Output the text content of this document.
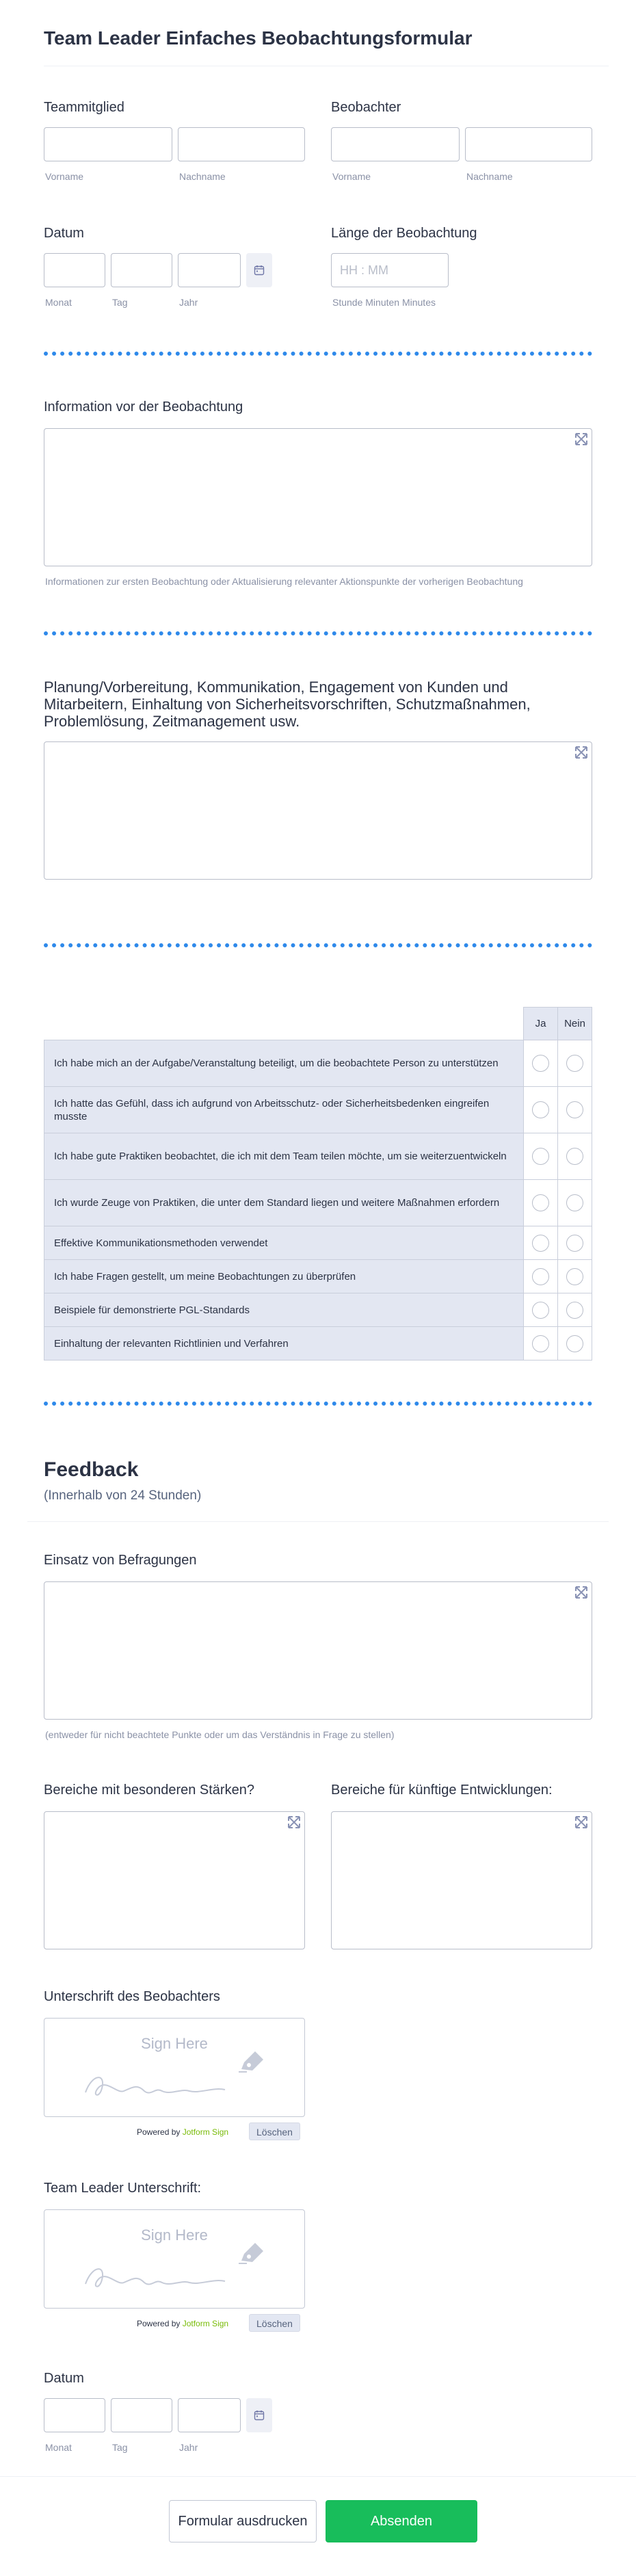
Team Leader Einfaches Beobachtungsformular
Teammitglied
Vorname	Nachname
Beobachter
Vorname	Nachname
Datum
Monat	Tag	Jahr
Länge der Beobachtung
HH : MM
Stunde Minuten Minutes
Information vor der Beobachtung
Informationen zur ersten Beobachtung oder Aktualisierung relevanter Aktionspunkte der vorherigen Beobachtung
Planung/Vorbereitung, Kommunikation, Engagement von Kunden und Mitarbeitern, Einhaltung von Sicherheitsvorschriften, Schutzmaßnahmen, Problemlösung, Zeitmanagement usw.
	Ja	Nein
Ich habe mich an der Aufgabe/Veranstaltung beteiligt, um die beobachtete Person zu unterstützen		
Ich hatte das Gefühl, dass ich aufgrund von Arbeitsschutz- oder Sicherheitsbedenken eingreifen musste		
Ich habe gute Praktiken beobachtet, die ich mit dem Team teilen möchte, um sie weiterzuentwickeln		
Ich wurde Zeuge von Praktiken, die unter dem Standard liegen und weitere Maßnahmen erfordern		
Effektive Kommunikationsmethoden verwendet		
Ich habe Fragen gestellt, um meine Beobachtungen zu überprüfen		
Beispiele für demonstrierte PGL-Standards		
Einhaltung der relevanten Richtlinien und Verfahren		
Feedback
(Innerhalb von 24 Stunden)
Einsatz von Befragungen
(entweder für nicht beachtete Punkte oder um das Verständnis in Frage zu stellen)
Bereiche mit besonderen Stärken?	Bereiche für künftige Entwicklungen:
Unterschrift des Beobachters
Sign Here
Powered by Jotform Sign	Löschen
Team Leader Unterschrift:
Sign Here
Powered by Jotform Sign	Löschen
Datum
Monat	Tag	Jahr
Formular ausdrucken	Absenden
